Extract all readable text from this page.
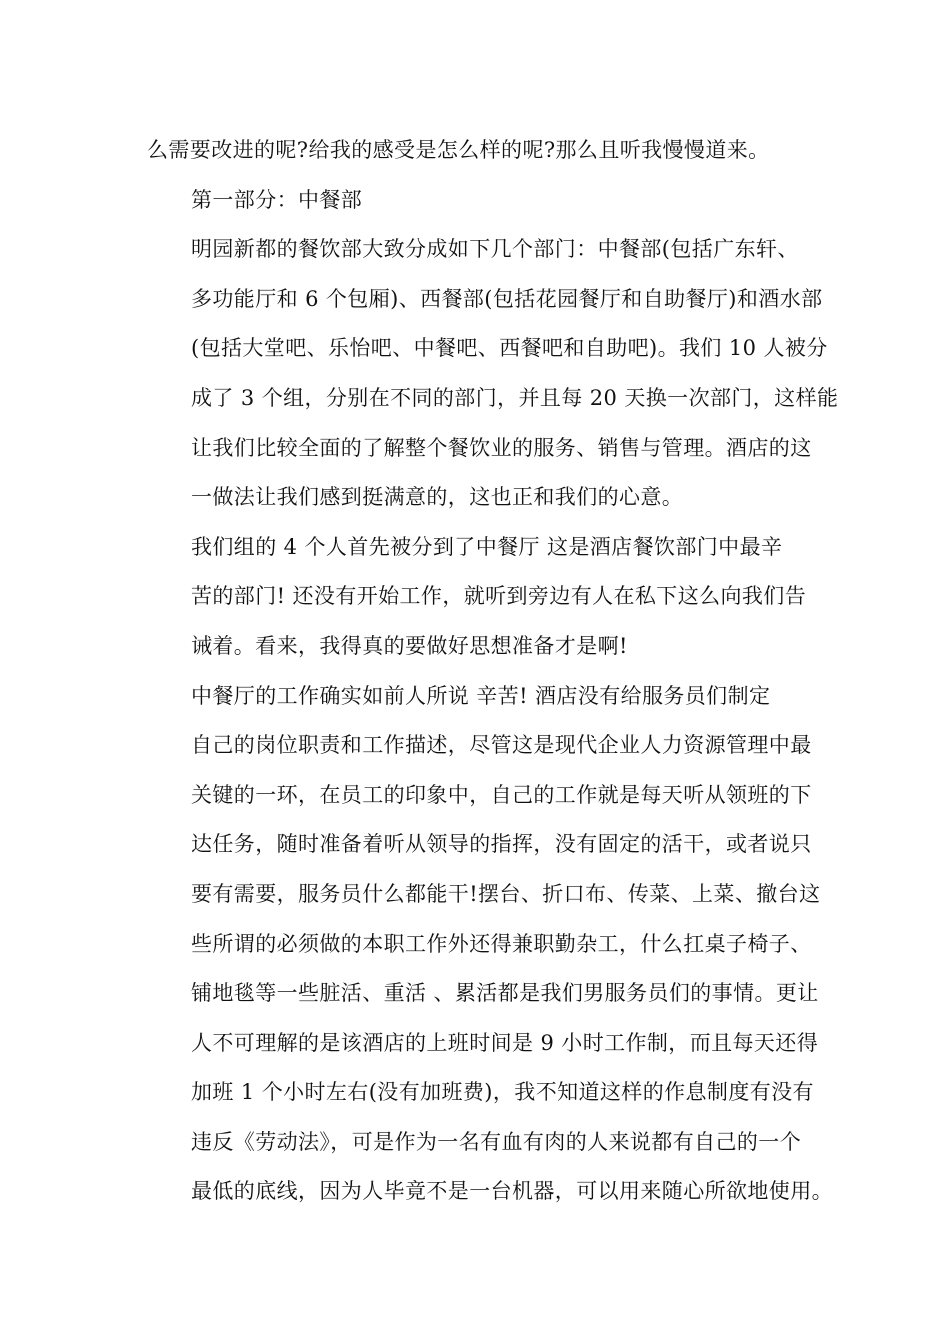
么需要改进的呢?给我的感受是怎么样的呢?那么且听我慢慢道来。

第一部分：中餐部

明园新都的餐饮部大致分成如下几个部门：中餐部(包括广东轩、
多功能厅和 6 个包厢)、西餐部(包括花园餐厅和自助餐厅)和酒水部
(包括大堂吧、乐怡吧、中餐吧、西餐吧和自助吧)。我们 10 人被分
成了 3 个组，分别在不同的部门，并且每 20 天换一次部门，这样能
让我们比较全面的了解整个餐饮业的服务、销售与管理。酒店的这
一做法让我们感到挺满意的，这也正和我们的心意。

我们组的 4 个人首先被分到了中餐厅 这是酒店餐饮部门中最辛
苦的部门! 还没有开始工作，就听到旁边有人在私下这么向我们告
诫着。看来，我得真的要做好思想准备才是啊!

中餐厅的工作确实如前人所说 辛苦! 酒店没有给服务员们制定
自己的岗位职责和工作描述，尽管这是现代企业人力资源管理中最
关键的一环，在员工的印象中，自己的工作就是每天听从领班的下
达任务，随时准备着听从领导的指挥，没有固定的活干，或者说只
要有需要，服务员什么都能干!摆台、折口布、传菜、上菜、撤台这
些所谓的必须做的本职工作外还得兼职勤杂工，什么扛桌子椅子、
铺地毯等一些脏活、重活 、累活都是我们男服务员们的事情。更让
人不可理解的是该酒店的上班时间是 9 小时工作制，而且每天还得
加班 1 个小时左右(没有加班费)，我不知道这样的作息制度有没有
违反《劳动法》，可是作为一名有血有肉的人来说都有自己的一个
最低的底线，因为人毕竟不是一台机器，可以用来随心所欲地使用。
